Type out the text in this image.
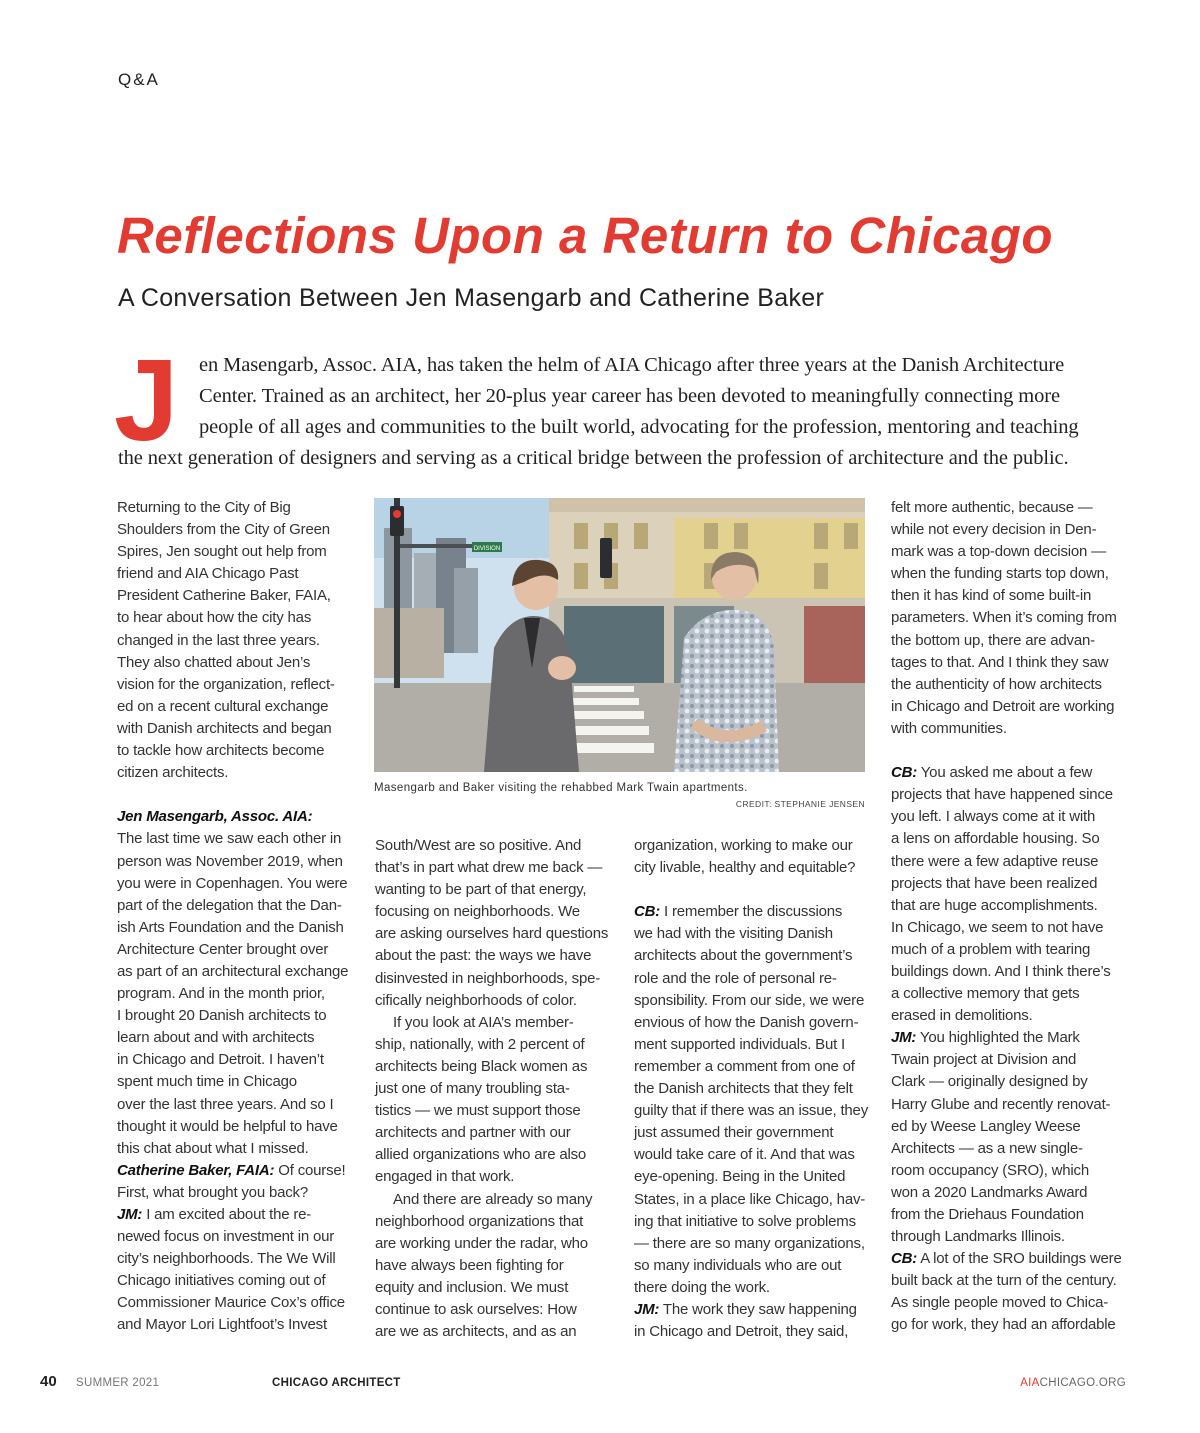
Q&A
Reflections Upon a Return to Chicago
A Conversation Between Jen Masengarb and Catherine Baker
J en Masengarb, Assoc. AIA, has taken the helm of AIA Chicago after three years at the Danish Architecture
Center. Trained as an architect, her 20-plus year career has been devoted to meaningfully connecting more
people of all ages and communities to the built world, advocating for the profession, mentoring and teaching
the next generation of designers and serving as a critical bridge between the profession of architecture and the public.
Returning to the City of Big
Shoulders from the City of Green
Spires, Jen sought out help from
friend and AIA Chicago Past
President Catherine Baker, FAIA,
to hear about how the city has
changed in the last three years.
They also chatted about Jen’s
vision for the organization, reflect-
ed on a recent cultural exchange
with Danish architects and began
to tackle how architects become
citizen architects.
Jen Masengarb, Assoc. AIA:
The last time we saw each other in
person was November 2019, when
you were in Copenhagen. You were
part of the delegation that the Dan-
ish Arts Foundation and the Danish
Architecture Center brought over
as part of an architectural exchange
program. And in the month prior,
I brought 20 Danish architects to
learn about and with architects
in Chicago and Detroit. I haven’t
spent much time in Chicago
over the last three years. And so I
thought it would be helpful to have
this chat about what I missed.
Catherine Baker, FAIA: Of course!
First, what brought you back?
JM: I am excited about the re-
newed focus on investment in our
city’s neighborhoods. The We Will
Chicago initiatives coming out of
Commissioner Maurice Cox’s office
and Mayor Lori Lightfoot’s Invest
DIVISION
Masengarb and Baker visiting the rehabbed Mark Twain apartments.
CREDIT: STEPHANIE JENSEN
South/West are so positive. And
that’s in part what drew me back —
wanting to be part of that energy,
focusing on neighborhoods. We
are asking ourselves hard questions
about the past: the ways we have
disinvested in neighborhoods, spe-
cifically neighborhoods of color.
If you look at AIA’s member-
ship, nationally, with 2 percent of
architects being Black women as
just one of many troubling sta-
tistics — we must support those
architects and partner with our
allied organizations who are also
engaged in that work.
And there are already so many
neighborhood organizations that
are working under the radar, who
have always been fighting for
equity and inclusion. We must
continue to ask ourselves: How
are we as architects, and as an
organization, working to make our
city livable, healthy and equitable?
CB: I remember the discussions
we had with the visiting Danish
architects about the government’s
role and the role of personal re-
sponsibility. From our side, we were
envious of how the Danish govern-
ment supported individuals. But I
remember a comment from one of
the Danish architects that they felt
guilty that if there was an issue, they
just assumed their government
would take care of it. And that was
eye-opening. Being in the United
States, in a place like Chicago, hav-
ing that initiative to solve problems
— there are so many organizations,
so many individuals who are out
there doing the work.
JM: The work they saw happening
in Chicago and Detroit, they said,
felt more authentic, because —
while not every decision in Den-
mark was a top-down decision —
when the funding starts top down,
then it has kind of some built-in
parameters. When it’s coming from
the bottom up, there are advan-
tages to that. And I think they saw
the authenticity of how architects
in Chicago and Detroit are working
with communities.
CB: You asked me about a few
projects that have happened since
you left. I always come at it with
a lens on affordable housing. So
there were a few adaptive reuse
projects that have been realized
that are huge accomplishments.
In Chicago, we seem to not have
much of a problem with tearing
buildings down. And I think there’s
a collective memory that gets
erased in demolitions.
JM: You highlighted the Mark
Twain project at Division and
Clark — originally designed by
Harry Glube and recently renovat-
ed by Weese Langley Weese
Architects — as a new single-
room occupancy (SRO), which
won a 2020 Landmarks Award
from the Driehaus Foundation
through Landmarks Illinois.
CB: A lot of the SRO buildings were
built back at the turn of the century.
As single people moved to Chica-
go for work, they had an affordable
40 SUMMER 2021	CHICAGO ARCHITECT	AIACHICAGO.ORG
